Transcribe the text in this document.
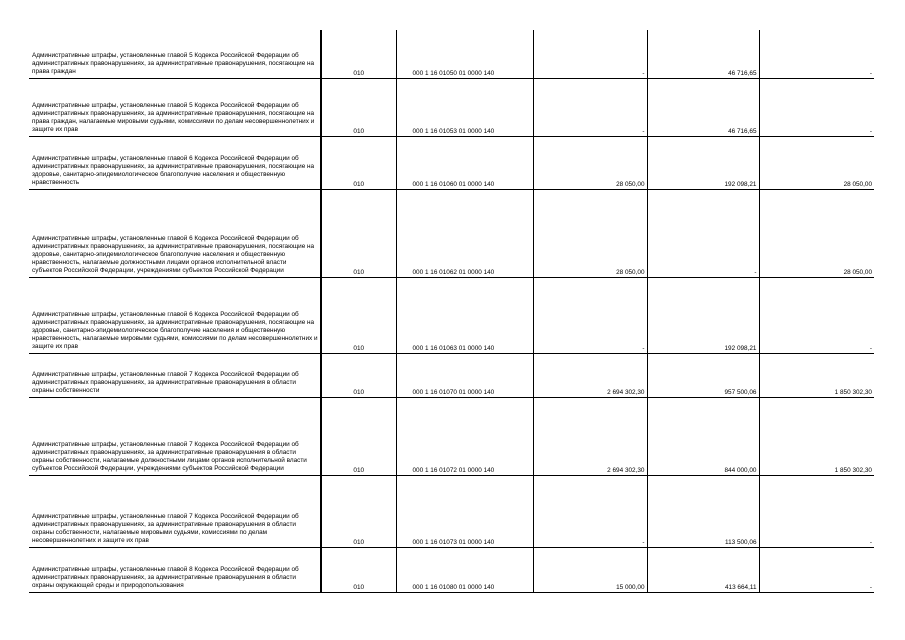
Административные штрафы, установленные главой 5 Кодекса Российской Федерации об административных правонарушениях, за административные правонарушения, посягающие на права граждан	010	000 1 16 01050 01 0000 140	-	46 716,65	-
Административные штрафы, установленные главой 5 Кодекса Российской Федерации об административных правонарушениях, за административные правонарушения, посягающие на права граждан, налагаемые мировыми судьями, комиссиями по делам несовершеннолетних и защите их прав	010	000 1 16 01053 01 0000 140	-	46 716,65	-
Административные штрафы, установленные главой 6 Кодекса Российской Федерации об административных правонарушениях, за административные правонарушения, посягающие на здоровье, санитарно-эпидемиологическое благополучие населения и общественную нравственность	010	000 1 16 01060 01 0000 140	28 050,00	192 098,21	28 050,00
Административные штрафы, установленные главой 6 Кодекса Российской Федерации об административных правонарушениях, за административные правонарушения, посягающие на здоровье, санитарно-эпидемиологическое благополучие населения и общественную нравственность, налагаемые должностными лицами органов исполнительной власти субъектов Российской Федерации, учреждениями субъектов Российской Федерации	010	000 1 16 01062 01 0000 140	28 050,00	-	28 050,00
Административные штрафы, установленные главой 6 Кодекса Российской Федерации об административных правонарушениях, за административные правонарушения, посягающие на здоровье, санитарно-эпидемиологическое благополучие населения и общественную нравственность, налагаемые мировыми судьями, комиссиями по делам несовершеннолетних и защите их прав	010	000 1 16 01063 01 0000 140	-	192 098,21	-
Административные штрафы, установленные главой 7 Кодекса Российской Федерации об административных правонарушениях, за административные правонарушения в области охраны собственности	010	000 1 16 01070 01 0000 140	2 694 302,30	957 500,06	1 850 302,30
Административные штрафы, установленные главой 7 Кодекса Российской Федерации об административных правонарушениях, за административные правонарушения в области охраны собственности, налагаемые должностными лицами органов исполнительной власти субъектов Российской Федерации, учреждениями субъектов Российской Федерации	010	000 1 16 01072 01 0000 140	2 694 302,30	844 000,00	1 850 302,30
Административные штрафы, установленные главой 7 Кодекса Российской Федерации об административных правонарушениях, за административные правонарушения в области охраны собственности, налагаемые мировыми судьями, комиссиями по делам несовершеннолетних и защите их прав	010	000 1 16 01073 01 0000 140	-	113 500,06	-
Административные штрафы, установленные главой 8 Кодекса Российской Федерации об административных правонарушениях, за административные правонарушения в области охраны окружающей среды и природопользования	010	000 1 16 01080 01 0000 140	15 000,00	413 664,11	-
